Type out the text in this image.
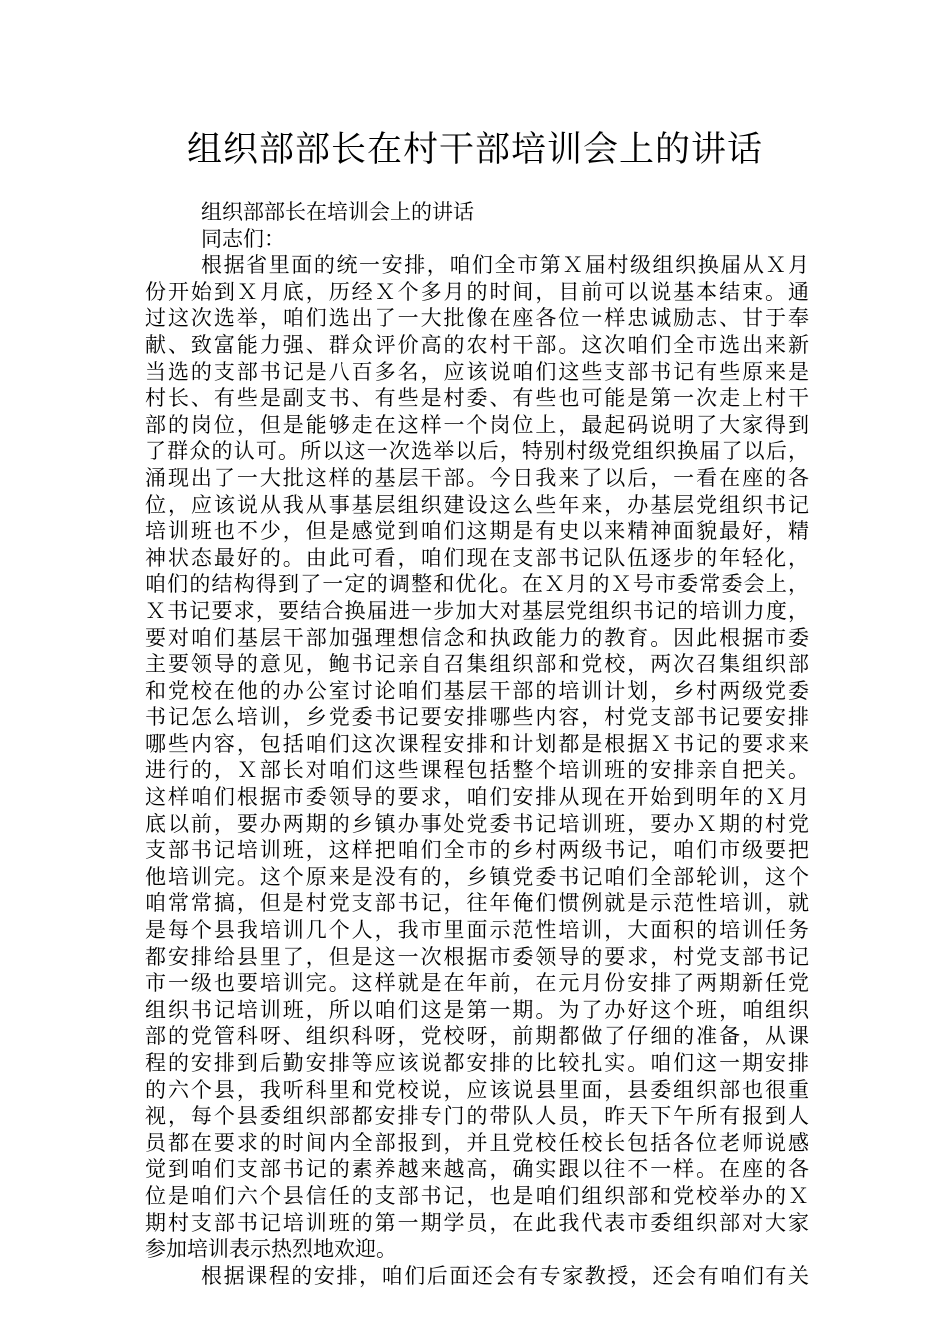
组织部部长在村干部培训会上的讲话
组织部部长在培训会上的讲话
同志们：
根据省里面的统一安排，咱们全市第Ｘ届村级组织换届从Ｘ月
份开始到Ｘ月底，历经Ｘ个多月的时间，目前可以说基本结束。通
过这次选举，咱们选出了一大批像在座各位一样忠诚励志、甘于奉
献、致富能力强、群众评价高的农村干部。这次咱们全市选出来新
当选的支部书记是八百多名，应该说咱们这些支部书记有些原来是
村长、有些是副支书、有些是村委、有些也可能是第一次走上村干
部的岗位，但是能够走在这样一个岗位上，最起码说明了大家得到
了群众的认可。所以这一次选举以后，特别村级党组织换届了以后，
涌现出了一大批这样的基层干部。今日我来了以后，一看在座的各
位，应该说从我从事基层组织建设这么些年来，办基层党组织书记
培训班也不少，但是感觉到咱们这期是有史以来精神面貌最好，精
神状态最好的。由此可看，咱们现在支部书记队伍逐步的年轻化，
咱们的结构得到了一定的调整和优化。在Ｘ月的Ｘ号市委常委会上，
Ｘ书记要求，要结合换届进一步加大对基层党组织书记的培训力度，
要对咱们基层干部加强理想信念和执政能力的教育。因此根据市委
主要领导的意见，鲍书记亲自召集组织部和党校，两次召集组织部
和党校在他的办公室讨论咱们基层干部的培训计划，乡村两级党委
书记怎么培训，乡党委书记要安排哪些内容，村党支部书记要安排
哪些内容，包括咱们这次课程安排和计划都是根据Ｘ书记的要求来
进行的，Ｘ部长对咱们这些课程包括整个培训班的安排亲自把关。
这样咱们根据市委领导的要求，咱们安排从现在开始到明年的Ｘ月
底以前，要办两期的乡镇办事处党委书记培训班，要办Ｘ期的村党
支部书记培训班，这样把咱们全市的乡村两级书记，咱们市级要把
他培训完。这个原来是没有的，乡镇党委书记咱们全部轮训，这个
咱常常搞，但是村党支部书记，往年俺们惯例就是示范性培训，就
是每个县我培训几个人，我市里面示范性培训，大面积的培训任务
都安排给县里了，但是这一次根据市委领导的要求，村党支部书记
市一级也要培训完。这样就是在年前，在元月份安排了两期新任党
组织书记培训班，所以咱们这是第一期。为了办好这个班，咱组织
部的党管科呀、组织科呀，党校呀，前期都做了仔细的准备，从课
程的安排到后勤安排等应该说都安排的比较扎实。咱们这一期安排
的六个县，我听科里和党校说，应该说县里面，县委组织部也很重
视，每个县委组织部都安排专门的带队人员，昨天下午所有报到人
员都在要求的时间内全部报到，并且党校任校长包括各位老师说感
觉到咱们支部书记的素养越来越高，确实跟以往不一样。在座的各
位是咱们六个县信任的支部书记，也是咱们组织部和党校举办的Ｘ
期村支部书记培训班的第一期学员，在此我代表市委组织部对大家
参加培训表示热烈地欢迎。
根据课程的安排，咱们后面还会有专家教授，还会有咱们有关
